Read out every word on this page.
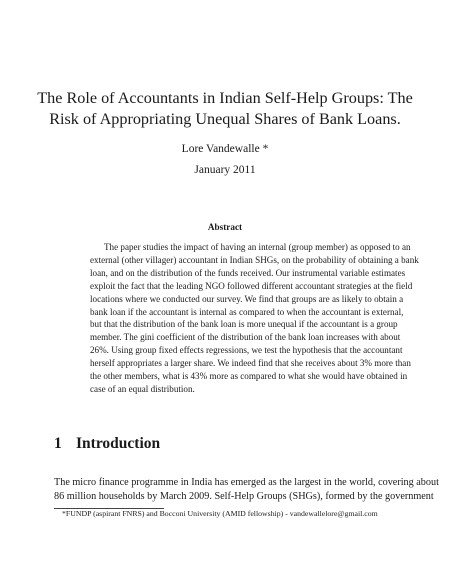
The Role of Accountants in Indian Self-Help Groups: The
Risk of Appropriating Unequal Shares of Bank Loans.
Lore Vandewalle *
January 2011
Abstract
The paper studies the impact of having an internal (group member) as opposed to an
external (other villager) accountant in Indian SHGs, on the probability of obtaining a bank
loan, and on the distribution of the funds received. Our instrumental variable estimates
exploit the fact that the leading NGO followed different accountant strategies at the field
locations where we conducted our survey. We find that groups are as likely to obtain a
bank loan if the accountant is internal as compared to when the accountant is external,
but that the distribution of the bank loan is more unequal if the accountant is a group
member. The gini coefficient of the distribution of the bank loan increases with about
26%. Using group fixed effects regressions, we test the hypothesis that the accountant
herself appropriates a larger share. We indeed find that she receives about 3% more than
the other members, what is 43% more as compared to what she would have obtained in
case of an equal distribution.
1 Introduction
The micro finance programme in India has emerged as the largest in the world, covering about
86 million households by March 2009. Self-Help Groups (SHGs), formed by the government
*FUNDP (aspirant FNRS) and Bocconi University (AMID fellowship) - vandewallelore@gmail.com
